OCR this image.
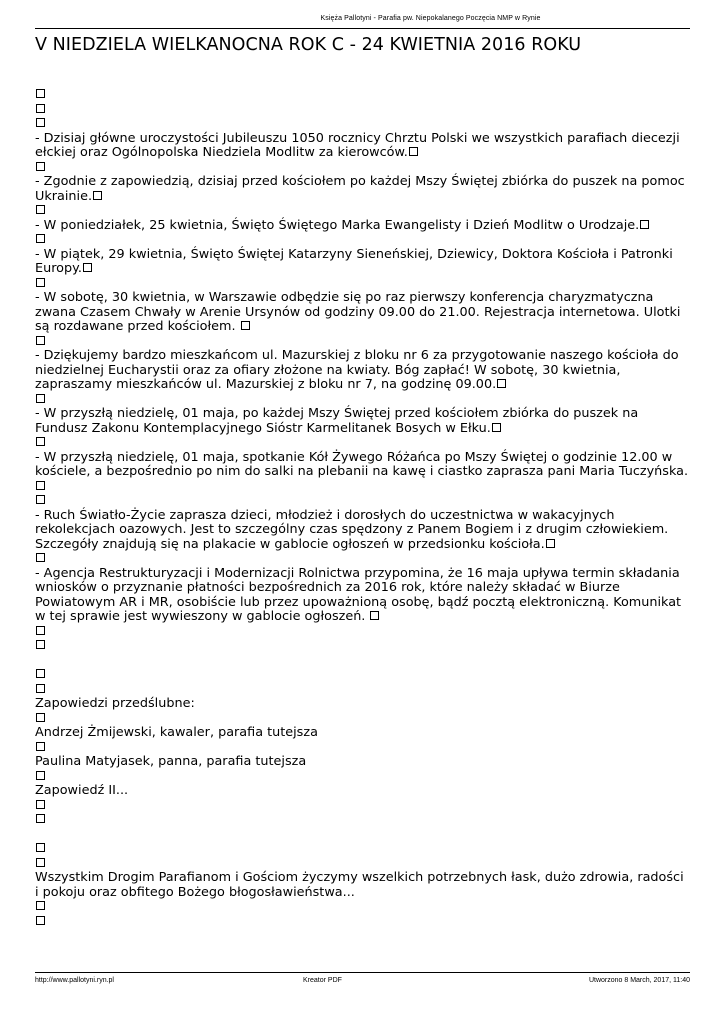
Księża Pallotyni - Parafia pw. Niepokalanego Poczęcia NMP w Rynie
V NIEDZIELA WIELKANOCNA ROK C - 24 KWIETNIA 2016 ROKU
- Dzisiaj główne uroczystości Jubileuszu 1050 rocznicy Chrztu Polski we wszystkich parafiach diecezji ełckiej oraz Ogólnopolska Niedziela Modlitw za kierowców.
- Zgodnie z zapowiedzią, dzisiaj przed kościołem po każdej Mszy Świętej zbiórka do puszek na pomoc Ukrainie.
- W poniedziałek, 25 kwietnia, Święto Świętego Marka Ewangelisty i Dzień Modlitw o Urodzaje.
- W piątek, 29 kwietnia, Święto Świętej Katarzyny Sieneńskiej, Dziewicy, Doktora Kościoła i Patronki Europy.
- W sobotę, 30 kwietnia, w Warszawie odbędzie się po raz pierwszy konferencja charyzmatyczna zwana Czasem Chwały w Arenie Ursynów od godziny 09.00 do 21.00. Rejestracja internetowa. Ulotki są rozdawane przed kościołem.
- Dziękujemy bardzo mieszkańcom ul. Mazurskiej z bloku nr 6 za przygotowanie naszego kościoła do niedzielnej Eucharystii oraz za ofiary złożone na kwiaty. Bóg zapłać! W sobotę, 30 kwietnia, zapraszamy mieszkańców ul. Mazurskiej z bloku nr 7, na godzinę 09.00.
- W przyszłą niedzielę, 01 maja, po każdej Mszy Świętej przed kościołem zbiórka do puszek na Fundusz Zakonu Kontemplacyjnego Sióstr Karmelitanek Bosych w Ełku.
- W przyszłą niedzielę, 01 maja, spotkanie Kół Żywego Różańca po Mszy Świętej o godzinie 12.00 w kościele, a bezpośrednio po nim do salki na plebanii na kawę i ciastko zaprasza pani Maria Tuczyńska.
- Ruch Światło-Życie zaprasza dzieci, młodzież i dorosłych do uczestnictwa w wakacyjnych rekolekcjach oazowych. Jest to szczególny czas spędzony z Panem Bogiem i z drugim człowiekiem. Szczegóły znajdują się na plakacie w gablocie ogłoszeń w przedsionku kościoła.
- Agencja Restrukturyzacji i Modernizacji Rolnictwa przypomina, że 16 maja upływa termin składania wniosków o przyznanie płatności bezpośrednich za 2016 rok, które należy składać w Biurze Powiatowym AR i MR, osobiście lub przez upoważnioną osobę, bądź pocztą elektroniczną. Komunikat w tej sprawie jest wywieszony w gablocie ogłoszeń.
Zapowiedzi przedślubne:
Andrzej Żmijewski, kawaler, parafia tutejsza
Paulina Matyjasek, panna, parafia tutejsza
Zapowiedź II...
Wszystkim Drogim Parafianom i Gościom życzymy wszelkich potrzebnych łask, dużo zdrowia, radości i pokoju oraz obfitego Bożego błogosławieństwa...
http://www.pallotyni.ryn.pl	Kreator PDF	Utworzono 8 March, 2017, 11:40
